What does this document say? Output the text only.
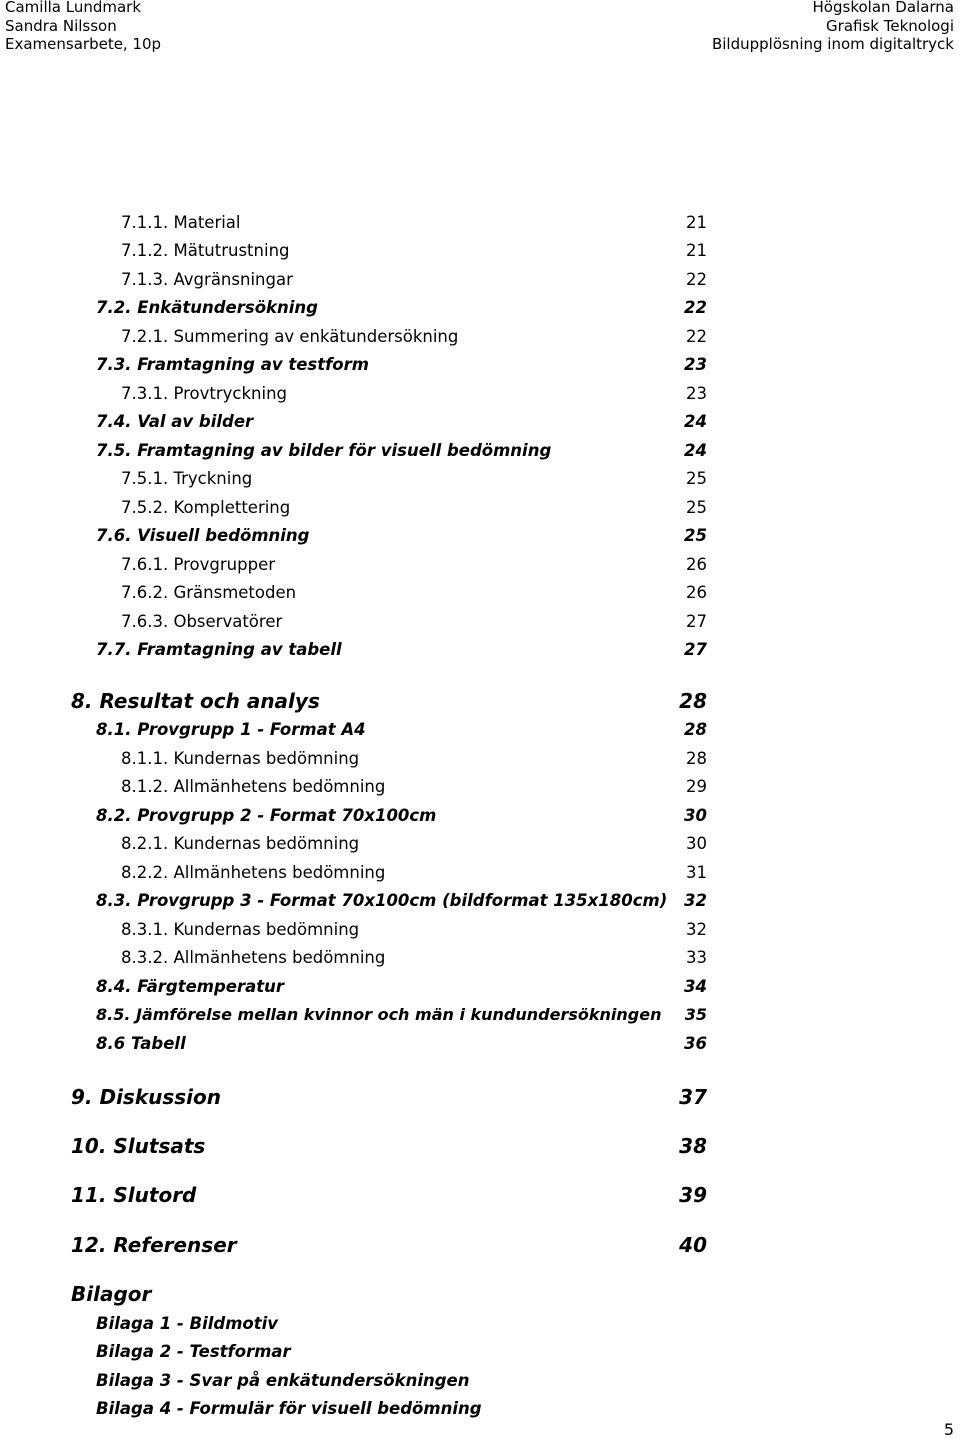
Camilla Lundmark
Sandra Nilsson
Examensarbete, 10p
Högskolan Dalarna
Grafisk Teknologi
Bildupplösning inom digitaltryck
7.1.1. Material	21
7.1.2. Mätutrustning	21
7.1.3. Avgränsningar	22
7.2. Enkätundersökning	22
7.2.1. Summering av enkätundersökning	22
7.3. Framtagning av testform	23
7.3.1. Provtryckning	23
7.4. Val av bilder	24
7.5. Framtagning av bilder för visuell bedömning	24
7.5.1. Tryckning	25
7.5.2. Komplettering	25
7.6. Visuell bedömning	25
7.6.1. Provgrupper	26
7.6.2. Gränsmetoden	26
7.6.3. Observatörer	27
7.7. Framtagning av tabell	27
8. Resultat och analys	28
8.1. Provgrupp 1 - Format A4	28
8.1.1. Kundernas bedömning	28
8.1.2. Allmänhetens bedömning	29
8.2. Provgrupp 2 - Format 70x100cm	30
8.2.1. Kundernas bedömning	30
8.2.2. Allmänhetens bedömning	31
8.3. Provgrupp 3 - Format 70x100cm (bildformat 135x180cm) 32
8.3.1. Kundernas bedömning	32
8.3.2. Allmänhetens bedömning	33
8.4. Färgtemperatur	34
8.5. Jämförelse mellan kvinnor och män i kundundersökningen 35
8.6 Tabell	36
9. Diskussion	37
10. Slutsats	38
11. Slutord	39
12. Referenser	40
Bilagor
Bilaga 1 - Bildmotiv
Bilaga 2 - Testformar
Bilaga 3 - Svar på enkätundersökningen
Bilaga 4 - Formulär för visuell bedömning
5
